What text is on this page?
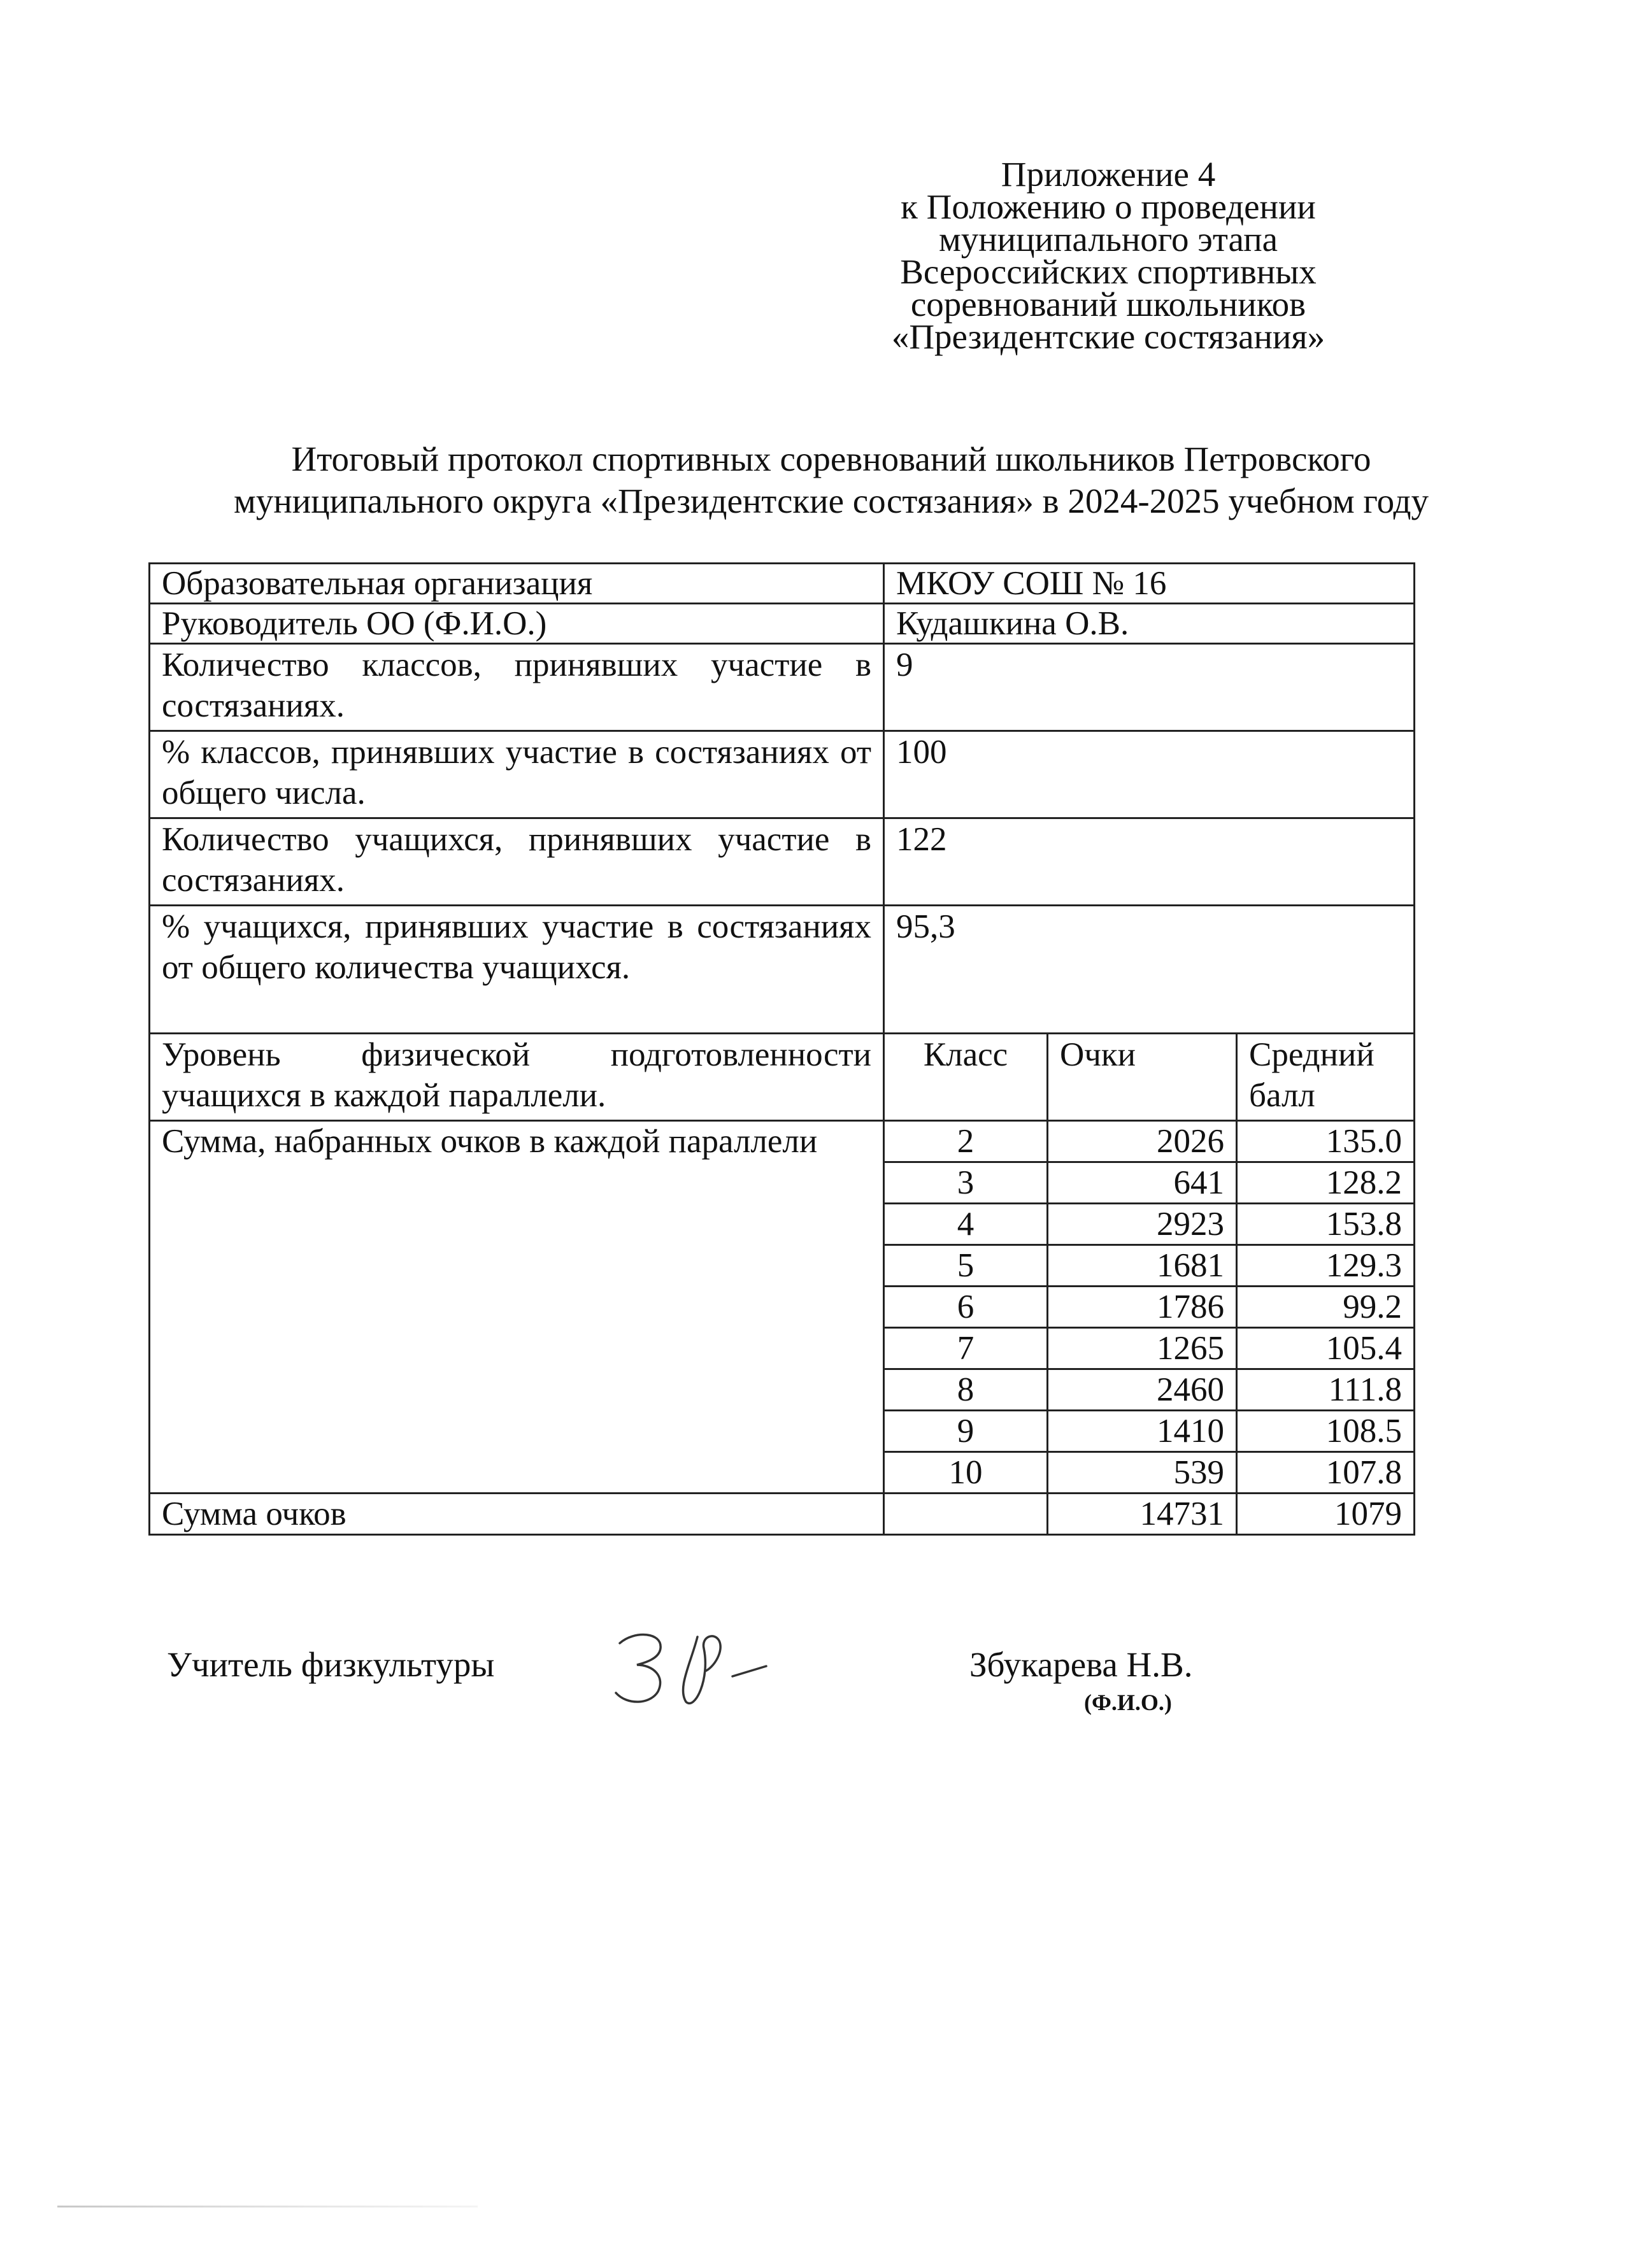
Приложение 4
к Положению о проведении
муниципального этапа
Всероссийских спортивных
соревнований школьников
«Президентские состязания»
Итоговый протокол спортивных соревнований школьников Петровского
муниципального округа «Президентские состязания» в 2024-2025 учебном году
Образовательная организация	МКОУ СОШ № 16		
Руководитель ОО (Ф.И.О.)	Кудашкина О.В.		
Количество классов, принявших участие в состязаниях.	9		
% классов, принявших участие в состязаниях от общего числа.	100		
Количество учащихся, принявших участие в состязаниях.	122		
% учащихся, принявших участие в состязаниях от общего количества учащихся.	95,3		
Уровень физической подготовленности учащихся в каждой параллели.	Класс	Очки	Средний балл
Сумма, набранных очков в каждой параллели	2	2026	135.0
	3	641	128.2
	4	2923	153.8
	5	1681	129.3
	6	1786	99.2
	7	1265	105.4
	8	2460	111.8
	9	1410	108.5
	10	539	107.8
Сумма очков		14731	1079
Учитель физкультуры	Збукарева Н.В.
(Ф.И.О.)
